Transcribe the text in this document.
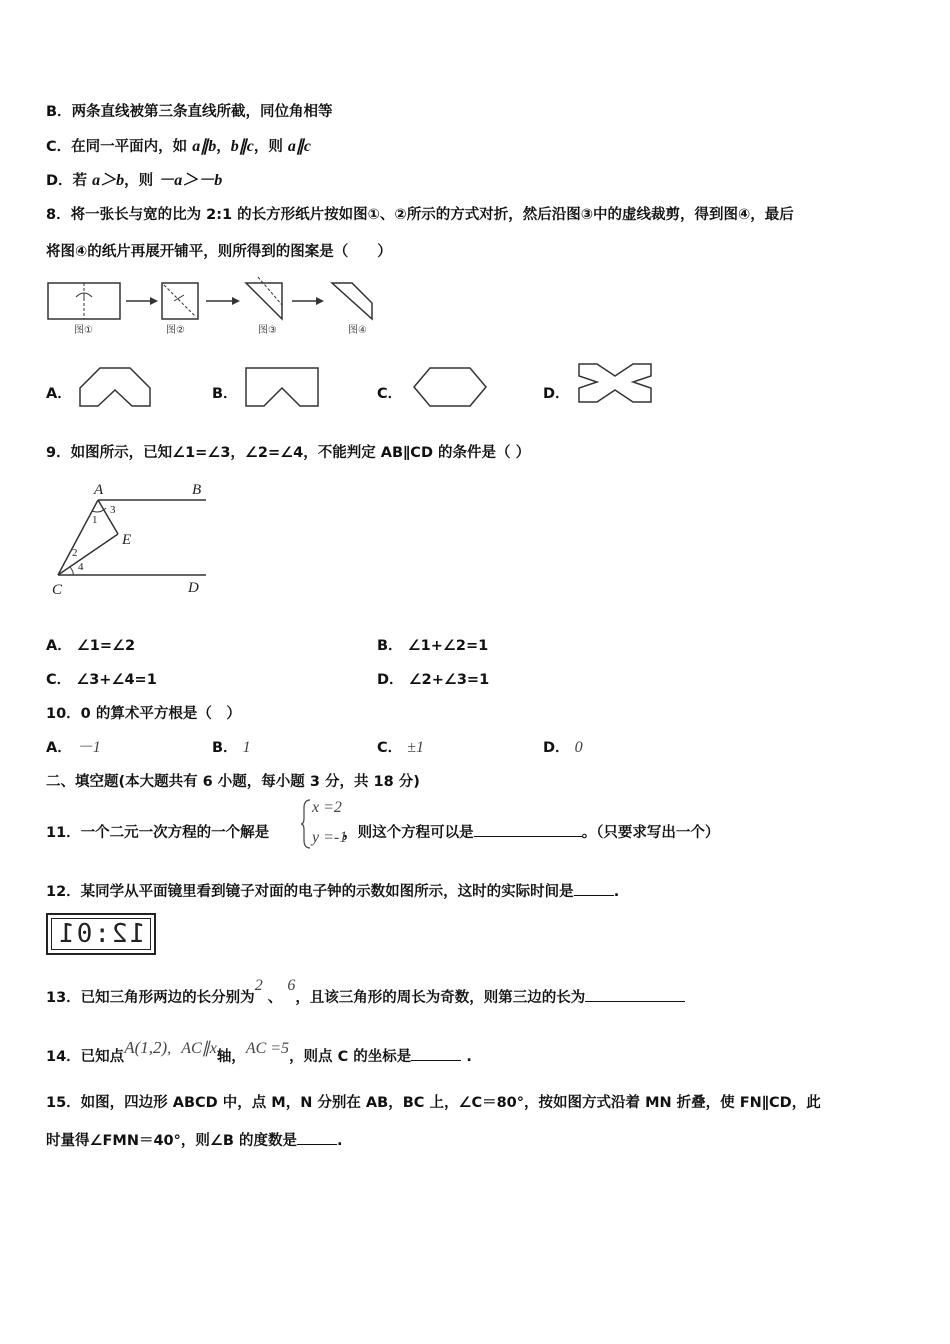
B．两条直线被第三条直线所截，同位角相等
C．在同一平面内，如 a∥b，b∥c，则 a∥c
D．若 a＞b，则 －a＞－b
8．将一张长与宽的比为 2:1 的长方形纸片按如图①、②所示的方式对折，然后沿图③中的虚线裁剪，得到图④，最后
将图④的纸片再展开铺平，则所得到的图案是（　　）
图①	图②	图③	图④
A．	B．	C．	D．
9．如图所示，已知∠1=∠3，∠2=∠4，不能判定 AB∥CD 的条件是（ ）
A	B
C	D
E
1
2
3
4
A． ∠1=∠2	B． ∠1+∠2=1
C． ∠3+∠4=1	D． ∠2+∠3=1
10．0 的算术平方根是（　）
A． －1	B． 1	C． ±1	D． 0
二、填空题(本大题共有 6 小题，每小题 3 分，共 18 分)
11．一个二元一次方程的一个解是	，则这个方程可以是	。（只要求写出一个）
x =2
y =-1
12．某同学从平面镜里看到镜子对面的电子钟的示数如图所示，这时的实际时间是	.
12:01
13．已知三角形两边的长分别为2 、 6，且该三角形的周长为奇数，则第三边的长为
14．已知点A(1,2), AC∥x轴，AC =5，则点 C 的坐标是	.
15．如图，四边形 ABCD 中，点 M，N 分别在 AB，BC 上，∠C＝80°，按如图方式沿着 MN 折叠，使 FN∥CD，此
时量得∠FMN＝40°，则∠B 的度数是	.
